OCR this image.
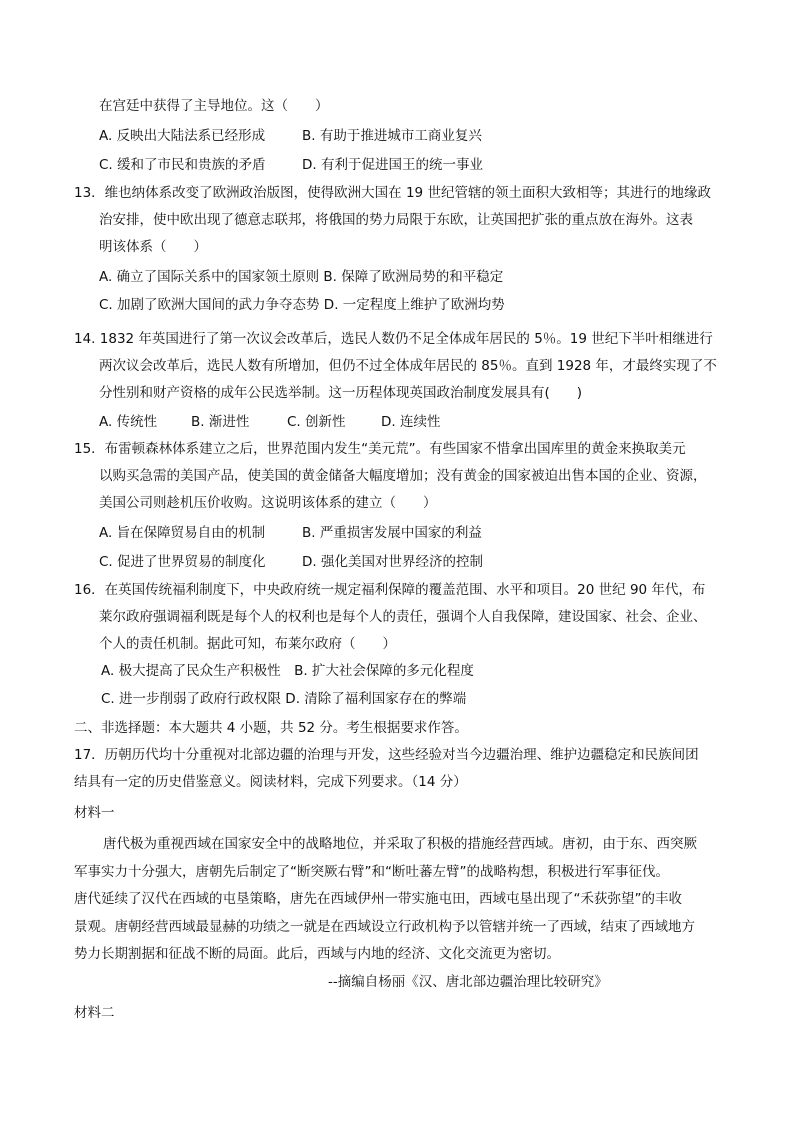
在宫廷中获得了主导地位。这（　　）
A. 反映出大陆法系已经形成	B. 有助于推进城市工商业复兴
C. 缓和了市民和贵族的矛盾	D. 有利于促进国王的统一事业
13．维也纳体系改变了欧洲政治版图，使得欧洲大国在 19 世纪管辖的领土面积大致相等；其进行的地缘政
治安排，使中欧出现了德意志联邦，将俄国的势力局限于东欧，让英国把扩张的重点放在海外。这表
明该体系（　　）
A. 确立了国际关系中的国家领土原则 B. 保障了欧洲局势的和平稳定
C. 加剧了欧洲大国间的武力争夺态势 D. 一定程度上维护了欧洲均势
14. 1832 年英国进行了第一次议会改革后，选民人数仍不足全体成年居民的 5％。19 世纪下半叶相继进行
两次议会改革后，选民人数有所增加，但仍不过全体成年居民的 85％。直到 1928 年，才最终实现了不
分性别和财产资格的成年公民选举制。这一历程体现英国政治制度发展具有(　　)
A. 传统性	B. 渐进性	C. 创新性	D. 连续性
15．布雷顿森林体系建立之后，世界范围内发生“美元荒”。有些国家不惜拿出国库里的黄金来换取美元
以购买急需的美国产品，使美国的黄金储备大幅度增加；没有黄金的国家被迫出售本国的企业、资源，
美国公司则趁机压价收购。这说明该体系的建立（　　）
A. 旨在保障贸易自由的机制	B. 严重损害发展中国家的利益
C. 促进了世界贸易的制度化	D. 强化美国对世界经济的控制
16．在英国传统福利制度下，中央政府统一规定福利保障的覆盖范围、水平和项目。20 世纪 90 年代，布
莱尔政府强调福利既是每个人的权利也是每个人的责任，强调个人自我保障，建设国家、社会、企业、
个人的责任机制。据此可知，布莱尔政府（　　）
A. 极大提高了民众生产积极性　B. 扩大社会保障的多元化程度
C. 进一步削弱了政府行政权限 D. 清除了福利国家存在的弊端
二、非选择题：本大题共 4 小题，共 52 分。考生根据要求作答。
17．历朝历代均十分重视对北部边疆的治理与开发，这些经验对当今边疆治理、维护边疆稳定和民族间团
结具有一定的历史借鉴意义。阅读材料，完成下列要求。（14 分）
材料一
唐代极为重视西域在国家安全中的战略地位，并采取了积极的措施经营西域。唐初，由于东、西突厥
军事实力十分强大，唐朝先后制定了“断突厥右臂”和“断吐蕃左臂”的战略构想，积极进行军事征伐。
唐代延续了汉代在西域的屯垦策略，唐先在西域伊州一带实施屯田，西域屯垦出现了“禾荻弥望”的丰收
景观。唐朝经营西域最显赫的功绩之一就是在西域设立行政机构予以管辖并统一了西域，结束了西域地方
势力长期割据和征战不断的局面。此后，西域与内地的经济、文化交流更为密切。
--摘编自杨丽《汉、唐北部边疆治理比较研究》
材料二
